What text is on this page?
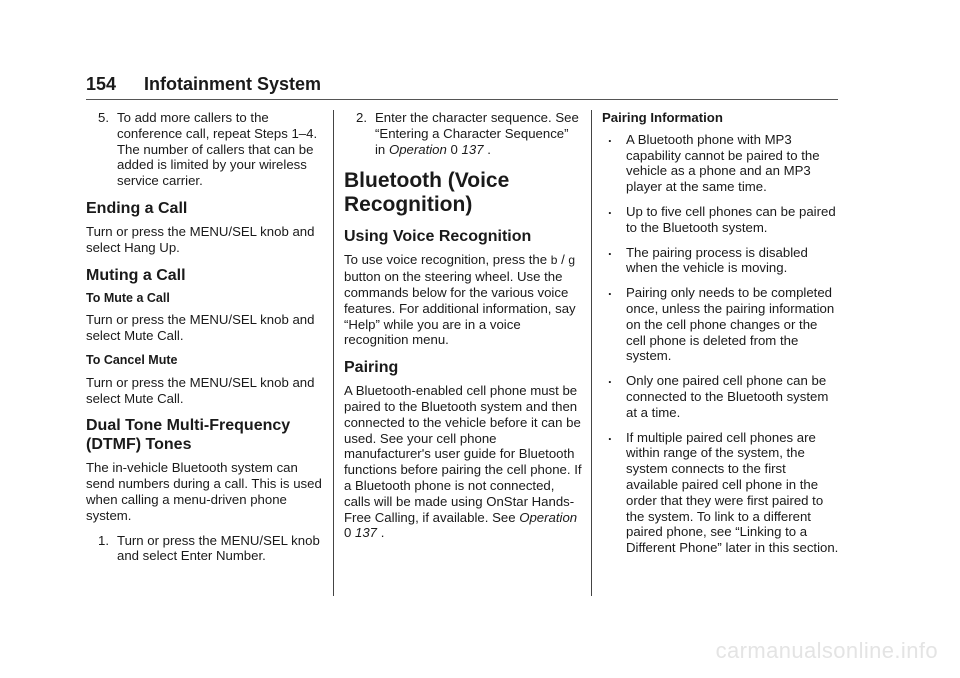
154 Infotainment System
5. To add more callers to the conference call, repeat Steps 1–4. The number of callers that can be added is limited by your wireless service carrier.
Ending a Call

Turn or press the MENU/SEL knob and select Hang Up.

Muting a Call
To Mute a Call

Turn or press the MENU/SEL knob and select Mute Call.

To Cancel Mute

Turn or press the MENU/SEL knob and select Mute Call.

Dual Tone Multi-Frequency (DTMF) Tones

The in-vehicle Bluetooth system can send numbers during a call. This is used when calling a menu-driven phone system.

1. Turn or press the MENU/SEL knob and select Enter Number.
2. Enter the character sequence. See “Entering a Character Sequence” in Operation 0 137 .
Bluetooth (Voice Recognition)
Using Voice Recognition

To use voice recognition, press the b / g button on the steering wheel. Use the commands below for the various voice features. For additional information, say “Help” while you are in a voice recognition menu.

Pairing

A Bluetooth-enabled cell phone must be paired to the Bluetooth system and then connected to the vehicle before it can be used. See your cell phone manufacturer's user guide for Bluetooth functions before pairing the cell phone. If a Bluetooth phone is not connected, calls will be made using OnStar Hands-Free Calling, if available. See Operation
0 137 .

Pairing Information
. A Bluetooth phone with MP3 capability cannot be paired to the vehicle as a phone and an MP3 player at the same time.
. Up to five cell phones can be paired to the Bluetooth system.
. The pairing process is disabled when the vehicle is moving.
. Pairing only needs to be completed once, unless the pairing information on the cell phone changes or the cell phone is deleted from the system.
. Only one paired cell phone can be connected to the Bluetooth system at a time.
. If multiple paired cell phones are within range of the system, the system connects to the first available paired cell phone in the order that they were first paired to the system. To link to a different paired phone, see “Linking to a Different Phone” later in this section.
carmanualsonline.info
